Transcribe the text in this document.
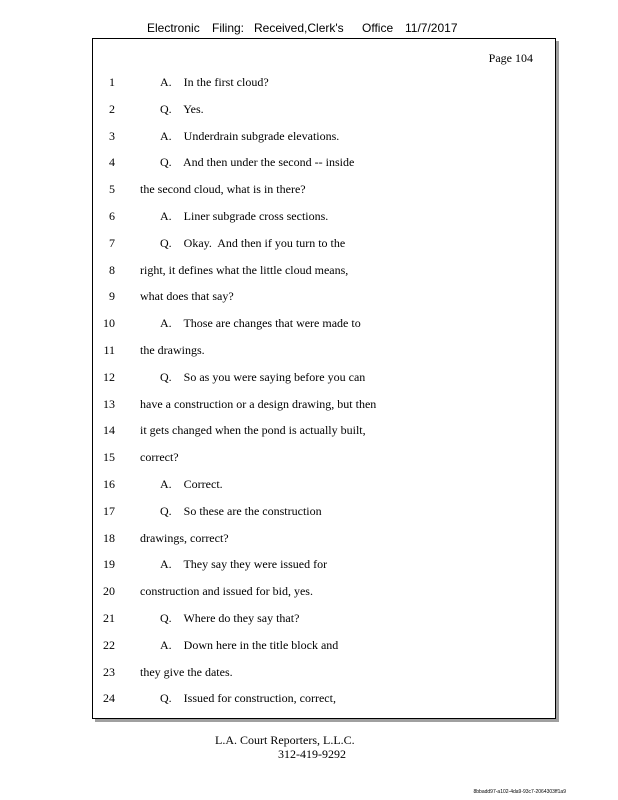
Electronic Filing: Received,Clerk's Office 11/7/2017
Page 104
1	A.    In the first cloud?
2	Q.    Yes.
3	A.    Underdrain subgrade elevations.
4	Q.    And then under the second -- inside
5 the second cloud, what is in there?
6	A.    Liner subgrade cross sections.
7	Q.    Okay.  And then if you turn to the
8 right, it defines what the little cloud means,
9 what does that say?
10	A.    Those are changes that were made to
11 the drawings.
12	Q.    So as you were saying before you can
13 have a construction or a design drawing, but then
14 it gets changed when the pond is actually built,
15 correct?
16	A.    Correct.
17	Q.    So these are the construction
18 drawings, correct?
19	A.    They say they were issued for
20 construction and issued for bid, yes.
21	Q.    Where do they say that?
22	A.    Down here in the title block and
23 they give the dates.
24	Q.    Issued for construction, correct,
L.A. Court Reporters, L.L.C.
312-419-9292
8bbadd97-a102-4da9-93c7-2064303ff1a9
